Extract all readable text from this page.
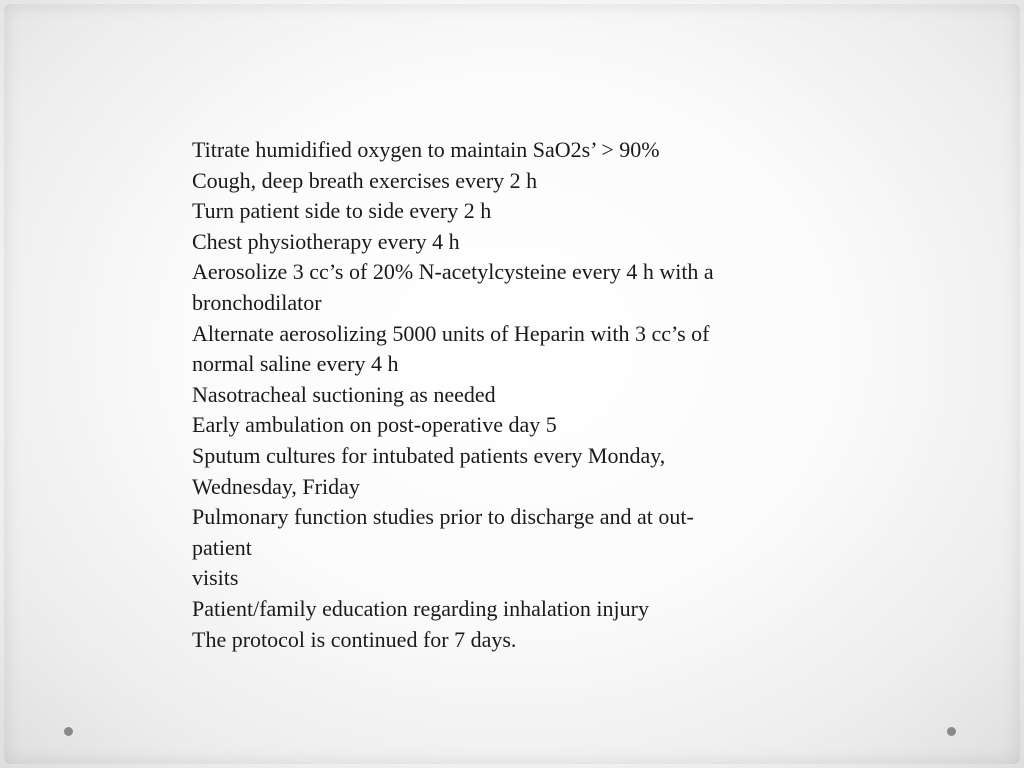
Titrate humidified oxygen to maintain SaO2s’ > 90%
Cough, deep breath exercises every 2 h
Turn patient side to side every 2 h
Chest physiotherapy every 4 h
Aerosolize 3 cc’s of 20% N-acetylcysteine every 4 h with a
bronchodilator
Alternate aerosolizing 5000 units of Heparin with 3 cc’s of
normal saline every 4 h
Nasotracheal suctioning as needed
Early ambulation on post-operative day 5
Sputum cultures for intubated patients every Monday,
Wednesday, Friday
Pulmonary function studies prior to discharge and at out-
patient
visits
Patient/family education regarding inhalation injury
The protocol is continued for 7 days.
